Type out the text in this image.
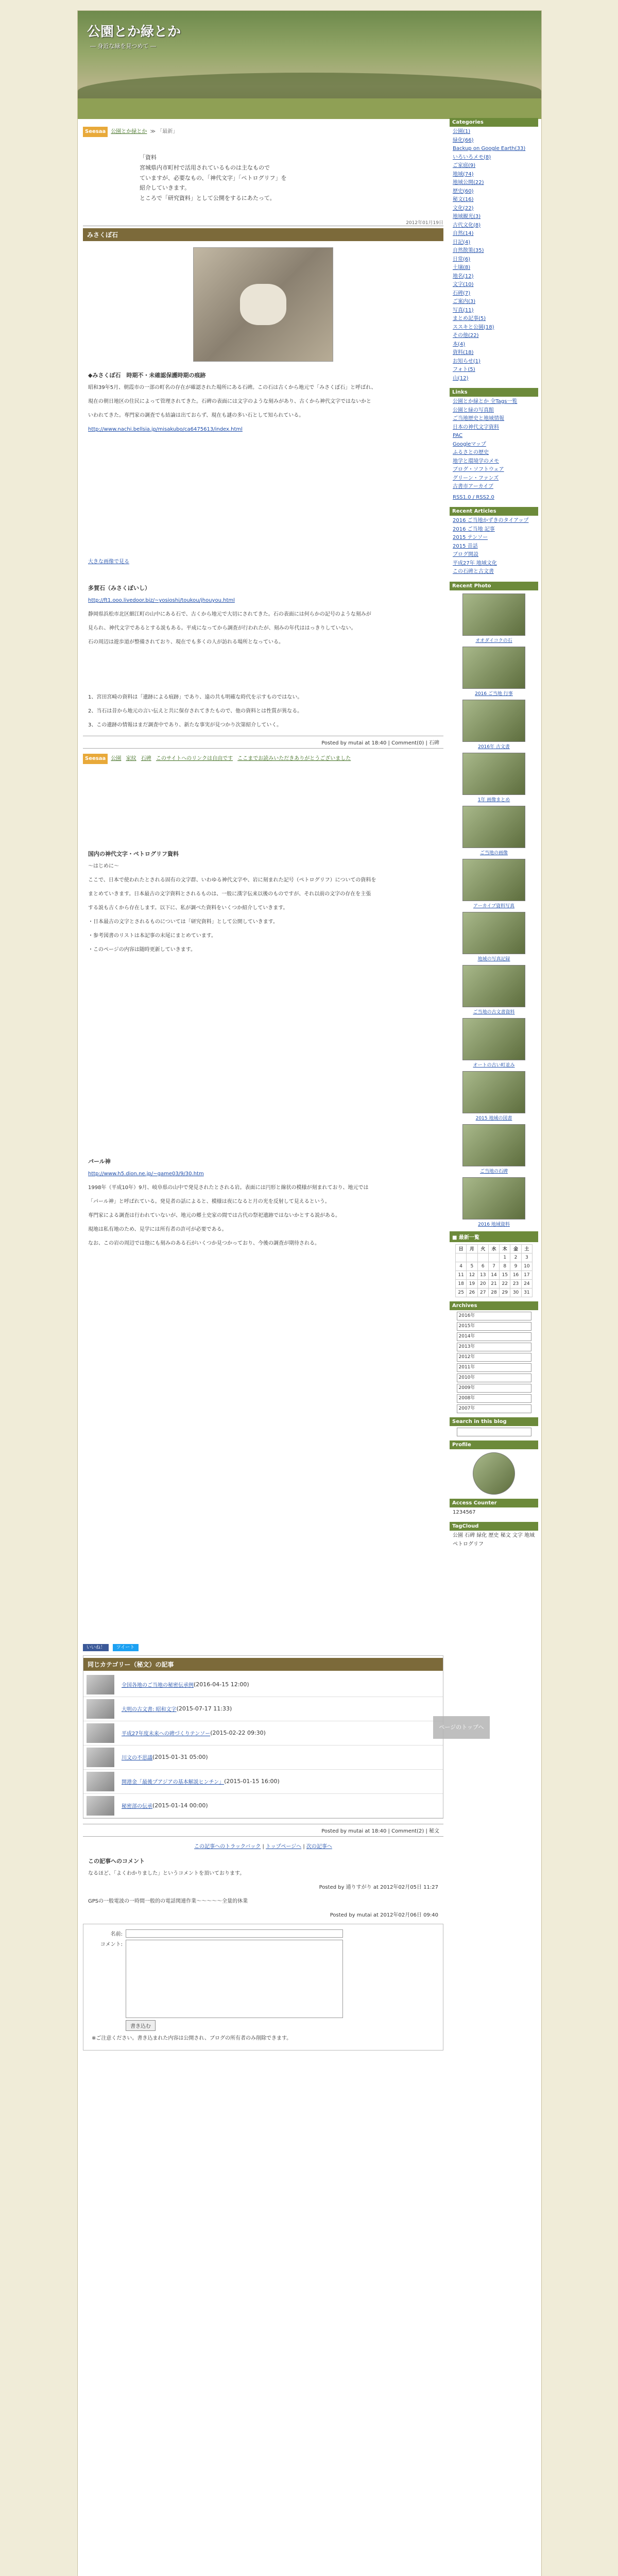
公園とか緑とか
― 身近な緑を見つめて ―
Seesaa 公園とか緑とか ≫ 「最新」
「資料
宮城県内市町村で活用されているものは主なもので
ていますが、必要なもの、「神代文字」「ペトログリフ」を
紹介していきます。
ところで「研究資料」として公開をするにあたって。
2012年01月19日
みさくぼ石
◆みさくぼ石　時期不・未確認保護時期の痕跡
昭和39年5月、朝霞市の一部の町名の存在が確認された場所にある石碑。この石は古くから地元で「みさくぼ石」と呼ばれ、
現在の朝日地区の住民によって管理されてきた。石碑の表面には文字のような刻みがあり、古くから神代文字ではないかと
いわれてきた。専門家の調査でも結論は出ておらず、現在も謎の多い石として知られている。
http://www.nachi.bellsia.jp/misakubo/ca6475613/index.html
大きな画像で見る
多賀石（みさくぼいし）
http://ft1.ooo.livedoor.biz/~yosioshi/toukou/jhouyou.html
静岡県浜松市北区細江町の山中にある石で、古くから地元で大切にされてきた。石の表面には何らかの記号のような刻みが
見られ、神代文字であるとする説もある。平成になってから調査が行われたが、刻みの年代ははっきりしていない。
石の周辺は遊歩道が整備されており、現在でも多くの人が訪れる場所となっている。
1、宮田宮崎の資料は「遺跡による痕跡」であり、遠の共も明確な時代を示すものではない。
2、当石は昔から地元の言い伝えと共に保存されてきたもので、他の資料とは性質が異なる。
3、この遺跡の情報はまだ調査中であり、新たな事実が見つかり次第紹介していく。
Posted by mutai at 18:40 | Comment(0) | 石碑
Seesaa 公園 家紋 石碑 このサイトへのリンクは自由です ここまでお読みいただきありがとうございました
国内の神代文字・ペトログリフ資料
〜はじめに〜
ここで、日本で使われたとされる固有の文字群、いわゆる神代文字や、岩に刻まれた記号（ペトログリフ）についての資料を
まとめていきます。日本最古の文字資料とされるものは、一般に漢字伝来以後のものですが、それ以前の文字の存在を主張
する説も古くから存在します。以下に、私が調べた資料をいくつか紹介していきます。
・日本最古の文字とされるものについては「研究資料」として公開していきます。
・参考図書のリストは本記事の末尾にまとめています。
・このページの内容は随時更新していきます。
パール神
http://www.h5.dion.ne.jp/~game03/9/30.htm
1998年（平成10年）9月、岐阜県の山中で発見されたとされる岩。表面には円形と線状の模様が刻まれており、地元では
「パール神」と呼ばれている。発見者の話によると、模様は夜になると月の光を反射して見えるという。
専門家による調査は行われていないが、地元の郷土史家の間では古代の祭祀遺跡ではないかとする説がある。
現地は私有地のため、見学には所有者の許可が必要である。
なお、この岩の周辺では他にも刻みのある石がいくつか見つかっており、今後の調査が期待される。
いいね！ ツイート
同じカテゴリー（秘文）の記事
全国各地のご当地の秘密伝承例 (2016-04-15 12:00)
大明の古文書: 昭和文字 (2015-07-17 11:33)
平成27年度未来への碑づくりテンソー (2015-02-22 09:30)
川文の不思議 (2015-01-31 05:00)
開港金「最後プアジアの基本解説ヒンチン」 (2015-01-15 16:00)
秘密部の伝承 (2015-01-14 00:00)
Posted by mutai at 18:40 | Comment(2) | 秘文
この記事へのトラックバック | トップページへ | 次の記事へ
この記事へのコメント
なるほど、「よくわかりました」というコメントを頂いております。
Posted by 通りすがり at 2012年02月05日 11:27
GPSの一般電波の一時間一般的の電話関連作業〜〜〜〜〜全量的休業
Posted by mutai at 2012年02月06日 09:40
名前:
コメント:
書き込む
※ご注意ください。書き込まれた内容は公開され、ブログの所有者のみ削除できます。
Categories
公園(1)
緑化(66)
Backup on Google Earth(33)
いろいろメモ(8)
ご家庭(9)
地域(74)
地域公開(22)
歴史(60)
秘文(16)
文化(22)
地域観光(3)
古代文化(8)
自然(14)
日記(4)
自然散策(35)
日常(6)
土壌(8)
地名(12)
文字(10)
石碑(7)
ご案内(3)
写真(11)
まとめ記事(5)
ススキと公園(18)
その他(22)
本(4)
資料(18)
お知らせ(1)
フォト(5)
山(12)
Links
公園とか緑とか 全Tags一覧
公園と緑の写真館
ご当地歴史と地域情報
日本の神代文字資料
PAC
Googleマップ
ふるさとの歴史
地学と環境学のメモ
ブログ・ソフトウェア
グリーン・ファンズ
古書市アーカイブ
RSS1.0 / RSS2.0
Recent Articles
2016 ご当地かずきのタイアップ
2016 ご当地 記事
2015 テンソー
2015 昔話
ブログ開設
平成27年 地域文化
この石碑と古文書
Recent Photo
オオダイコクの石
2016 ご当地 行事
2016年 古文書
1年 画像まとめ
ご当地の画像
アーカイブ資料写真
地域の写真記録
ご当地の古文書資料
オートの古い町並み
2015 地域の図書
ご当地の石碑
2016 地域資料
■ 最新一覧
日	月	火	水	木	金	土
				1	2	3
4	5	6	7	8	9	10
11	12	13	14	15	16	17
18	19	20	21	22	23	24
25	26	27	28	29	30	31
Archives
2016年
2015年
2014年
2013年
2012年
2011年
2010年
2009年
2008年
2007年
Search in this blog
Profile
Access Counter
1234567
TagCloud
公園 石碑 緑化 歴史 秘文 文字 地域 ペトログリフ
ページのトップへ
